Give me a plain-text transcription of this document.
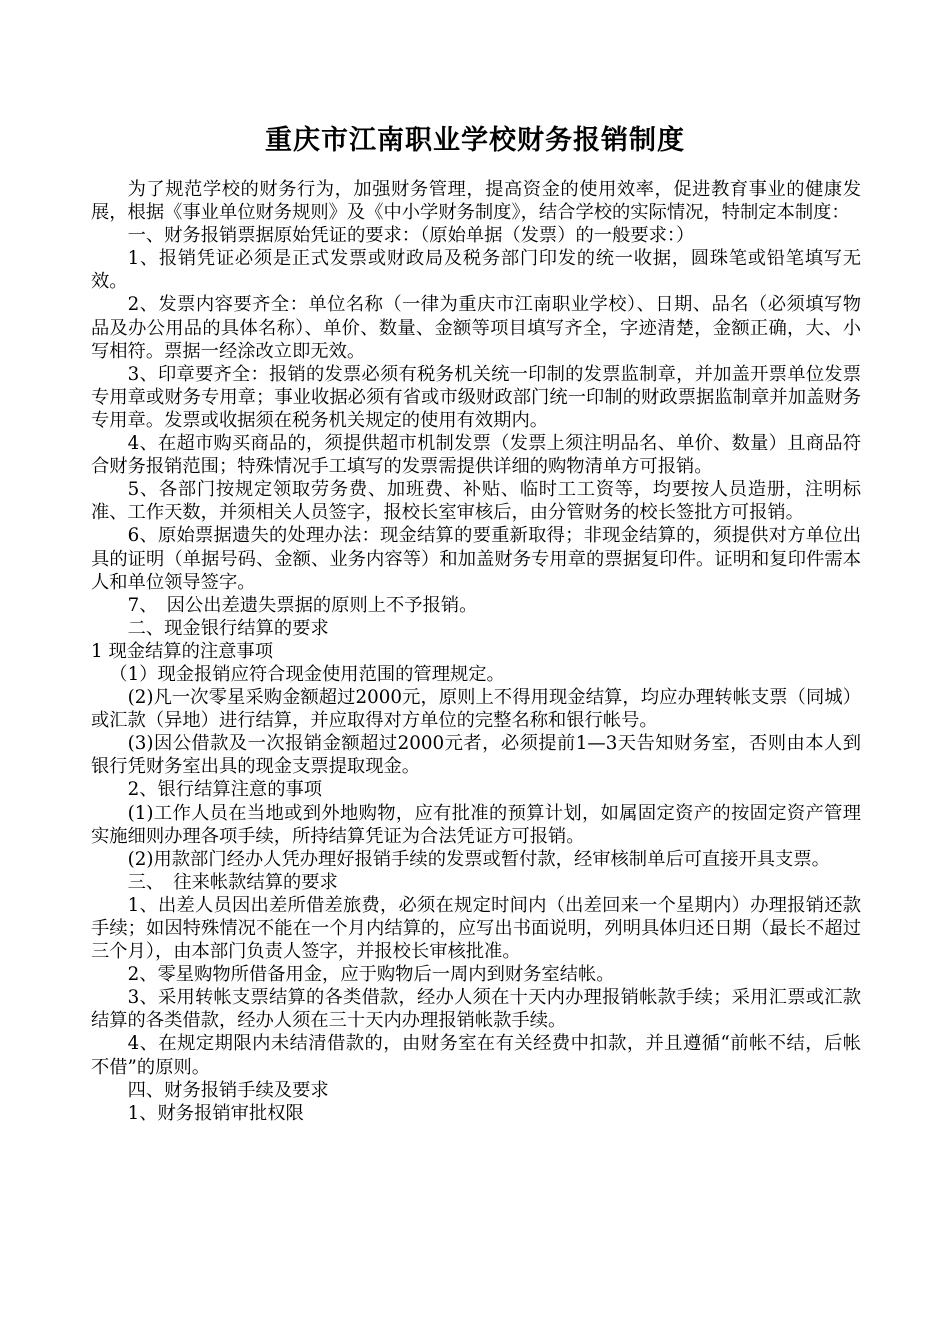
重庆市江南职业学校财务报销制度

为了规范学校的财务行为，加强财务管理，提高资金的使用效率，促进教育事业的健康发展，根据《事业单位财务规则》及《中小学财务制度》，结合学校的实际情况，特制定本制度：

一、财务报销票据原始凭证的要求：（原始单据（发票）的一般要求：）

1、报销凭证必须是正式发票或财政局及税务部门印发的统一收据，圆珠笔或铅笔填写无效。

2、发票内容要齐全：单位名称（一律为重庆市江南职业学校）、日期、品名（必须填写物品及办公用品的具体名称）、单价、数量、金额等项目填写齐全，字迹清楚，金额正确，大、小写相符。票据一经涂改立即无效。

3、印章要齐全：报销的发票必须有税务机关统一印制的发票监制章，并加盖开票单位发票专用章或财务专用章；事业收据必须有省或市级财政部门统一印制的财政票据监制章并加盖财务专用章。发票或收据须在税务机关规定的使用有效期内。

4、在超市购买商品的，须提供超市机制发票（发票上须注明品名、单价、数量）且商品符合财务报销范围；特殊情况手工填写的发票需提供详细的购物清单方可报销。

5、各部门按规定领取劳务费、加班费、补贴、临时工工资等，均要按人员造册，注明标准、工作天数，并须相关人员签字，报校长室审核后，由分管财务的校长签批方可报销。

6、原始票据遗失的处理办法：现金结算的要重新取得；非现金结算的，须提供对方单位出具的证明（单据号码、金额、业务内容等）和加盖财务专用章的票据复印件。证明和复印件需本人和单位领导签字。

7、　因公出差遗失票据的原则上不予报销。

二、现金银行结算的要求

1 现金结算的注意事项

（1）现金报销应符合现金使用范围的管理规定。

(2)凡一次零星采购金额超过2000元，原则上不得用现金结算，均应办理转帐支票（同城）或汇款（异地）进行结算，并应取得对方单位的完整名称和银行帐号。

(3)因公借款及一次报销金额超过2000元者，必须提前1—3天告知财务室，否则由本人到银行凭财务室出具的现金支票提取现金。

2、银行结算注意的事项

(1)工作人员在当地或到外地购物，应有批准的预算计划，如属固定资产的按固定资产管理实施细则办理各项手续，所持结算凭证为合法凭证方可报销。

(2)用款部门经办人凭办理好报销手续的发票或暂付款，经审核制单后可直接开具支票。

三、　往来帐款结算的要求

1、出差人员因出差所借差旅费，必须在规定时间内（出差回来一个星期内）办理报销还款手续；如因特殊情况不能在一个月内结算的，应写出书面说明，列明具体归还日期（最长不超过三个月），由本部门负责人签字，并报校长审核批准。

2、零星购物所借备用金，应于购物后一周内到财务室结帐。

3、采用转帐支票结算的各类借款，经办人须在十天内办理报销帐款手续；采用汇票或汇款结算的各类借款，经办人须在三十天内办理报销帐款手续。

4、在规定期限内未结清借款的，由财务室在有关经费中扣款，并且遵循“前帐不结，后帐不借”的原则。

四、财务报销手续及要求

1、财务报销审批权限
